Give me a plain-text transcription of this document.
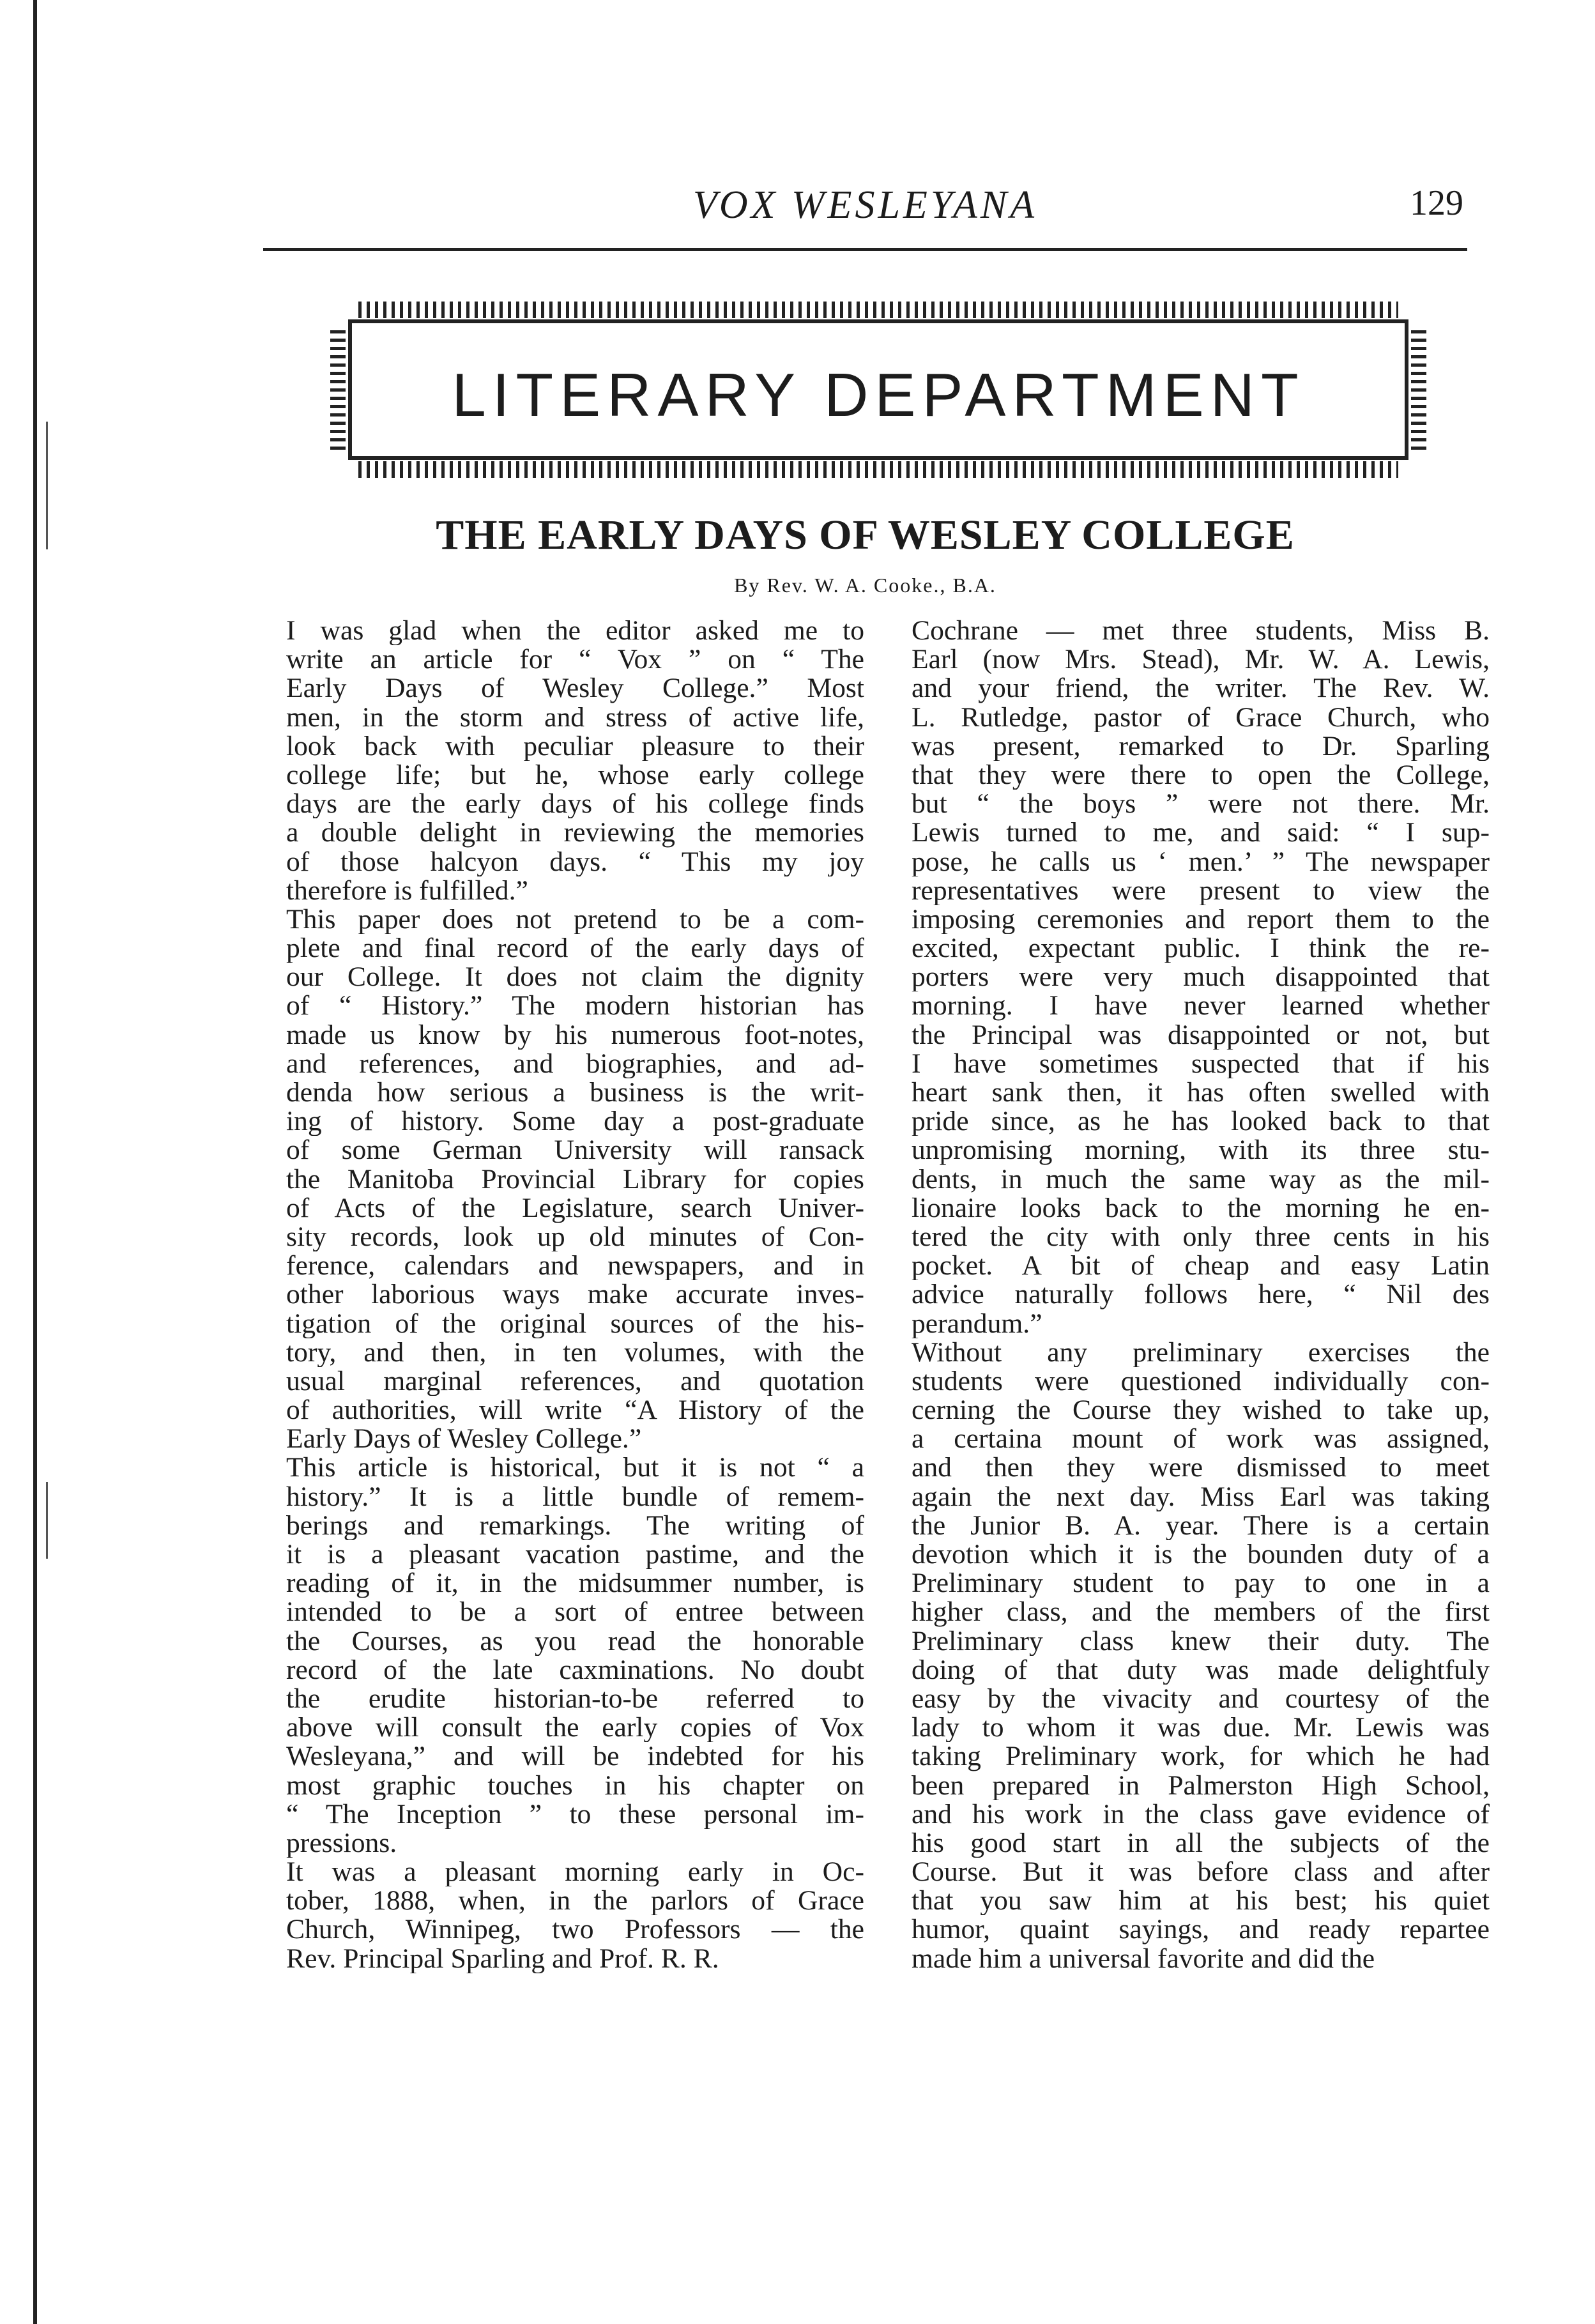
VOX WESLEYANA	129
LITERARY DEPARTMENT
THE EARLY DAYS OF WESLEY COLLEGE
By Rev. W. A. Cooke., B.A.
I was glad when the editor asked me to
write an article for “ Vox ” on “ The
Early Days of Wesley College.” Most
men, in the storm and stress of active life,
look back with peculiar pleasure to their
college life; but he, whose early college
days are the early days of his college finds
a double delight in reviewing the memories
of those halcyon days. “ This my joy
therefore is fulfilled.”
This paper does not pretend to be a com-
plete and final record of the early days of
our College. It does not claim the dignity
of “ History.” The modern historian has
made us know by his numerous foot-notes,
and references, and biographies, and ad-
denda how serious a business is the writ-
ing of history. Some day a post-graduate
of some German University will ransack
the Manitoba Provincial Library for copies
of Acts of the Legislature, search Univer-
sity records, look up old minutes of Con-
ference, calendars and newspapers, and in
other laborious ways make accurate inves-
tigation of the original sources of the his-
tory, and then, in ten volumes, with the
usual marginal references, and quotation
of authorities, will write “A History of the
Early Days of Wesley College.”
This article is historical, but it is not “ a
history.” It is a little bundle of remem-
berings and remarkings. The writing of
it is a pleasant vacation pastime, and the
reading of it, in the midsummer number, is
intended to be a sort of entree between
the Courses, as you read the honorable
record of the late caxminations. No doubt
the erudite historian-to-be referred to
above will consult the early copies of Vox
Wesleyana,” and will be indebted for his
most graphic touches in his chapter on
“ The Inception ” to these personal im-
pressions.
It was a pleasant morning early in Oc-
tober, 1888, when, in the parlors of Grace
Church, Winnipeg, two Professors — the
Rev. Principal Sparling and Prof. R. R.
Cochrane — met three students, Miss B.
Earl (now Mrs. Stead), Mr. W. A. Lewis,
and your friend, the writer. The Rev. W.
L. Rutledge, pastor of Grace Church, who
was present, remarked to Dr. Sparling
that they were there to open the College,
but “ the boys ” were not there. Mr.
Lewis turned to me, and said: “ I sup-
pose, he calls us ‘ men.’ ” The newspaper
representatives were present to view the
imposing ceremonies and report them to the
excited, expectant public. I think the re-
porters were very much disappointed that
morning. I have never learned whether
the Principal was disappointed or not, but
I have sometimes suspected that if his
heart sank then, it has often swelled with
pride since, as he has looked back to that
unpromising morning, with its three stu-
dents, in much the same way as the mil-
lionaire looks back to the morning he en-
tered the city with only three cents in his
pocket. A bit of cheap and easy Latin
advice naturally follows here, “ Nil des
perandum.”
Without any preliminary exercises the
students were questioned individually con-
cerning the Course they wished to take up,
a certaina mount of work was assigned,
and then they were dismissed to meet
again the next day. Miss Earl was taking
the Junior B. A. year. There is a certain
devotion which it is the bounden duty of a
Preliminary student to pay to one in a
higher class, and the members of the first
Preliminary class knew their duty. The
doing of that duty was made delightfuly
easy by the vivacity and courtesy of the
lady to whom it was due. Mr. Lewis was
taking Preliminary work, for which he had
been prepared in Palmerston High School,
and his work in the class gave evidence of
his good start in all the subjects of the
Course. But it was before class and after
that you saw him at his best; his quiet
humor, quaint sayings, and ready repartee
made him a universal favorite and did the
